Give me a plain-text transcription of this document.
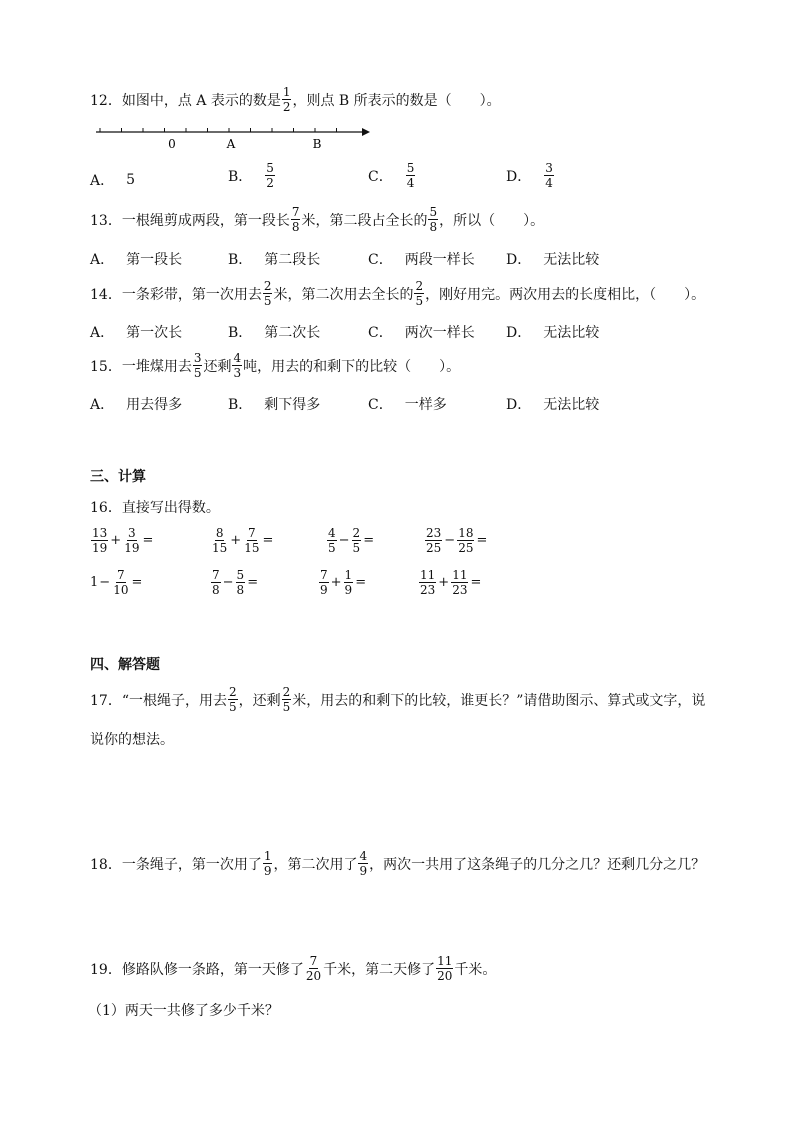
12．如图中，点 A 表示的数是 $\frac{1}{2}$ ，则点 B 所表示的数是（　　）。
0	A	B
A． 5	B． $\frac{5}{2}$	C． $\frac{5}{4}$	D． $\frac{3}{4}$
13．一根绳剪成两段，第一段长 $\frac{7}{8}$ 米，第二段占全长的 $\frac{5}{8}$ ，所以（　　）。
A． 第一段长	B． 第二段长	C． 两段一样长 D． 无法比较
14．一条彩带，第一次用去 $\frac{2}{5}$ 米，第二次用去全长的 $\frac{2}{5}$ ，刚好用完。两次用去的长度相比，（　　）。
A． 第一次长	B． 第二次长	C． 两次一样长 D． 无法比较
15．一堆煤用去 $\frac{3}{5}$ 还剩 $\frac{4}{3}$ 吨，用去的和剩下的比较（　　）。
A． 用去得多	B． 剩下得多	C． 一样多	D． 无法比较
三、计算
16．直接写出得数。
$\frac{13}{19} + \frac{3}{19}$ =	$\frac{8}{15} + \frac{7}{15}$ =	$\frac{4}{5} - \frac{2}{5}$ =	$\frac{23}{25} - \frac{18}{25}$ =
$1 - \frac{7}{10}$ =	$\frac{7}{8} - \frac{5}{8}$ =	$\frac{7}{9} + \frac{1}{9}$ =	$\frac{11}{23} + \frac{11}{23}$ =
四、解答题
17．“一根绳子，用去 $\frac{2}{5}$ ，还剩 $\frac{2}{5}$ 米，用去的和剩下的比较，谁更长？”请借助图示、算式或文字，说
说你的想法。
18．一条绳子，第一次用了 $\frac{1}{9}$ ，第二次用了 $\frac{4}{9}$ ，两次一共用了这条绳子的几分之几？还剩几分之几？
19．修路队修一条路，第一天修了 $\frac{7}{20}$ 千米，第二天修了 $\frac{11}{20}$ 千米。
（1）两天一共修了多少千米？
